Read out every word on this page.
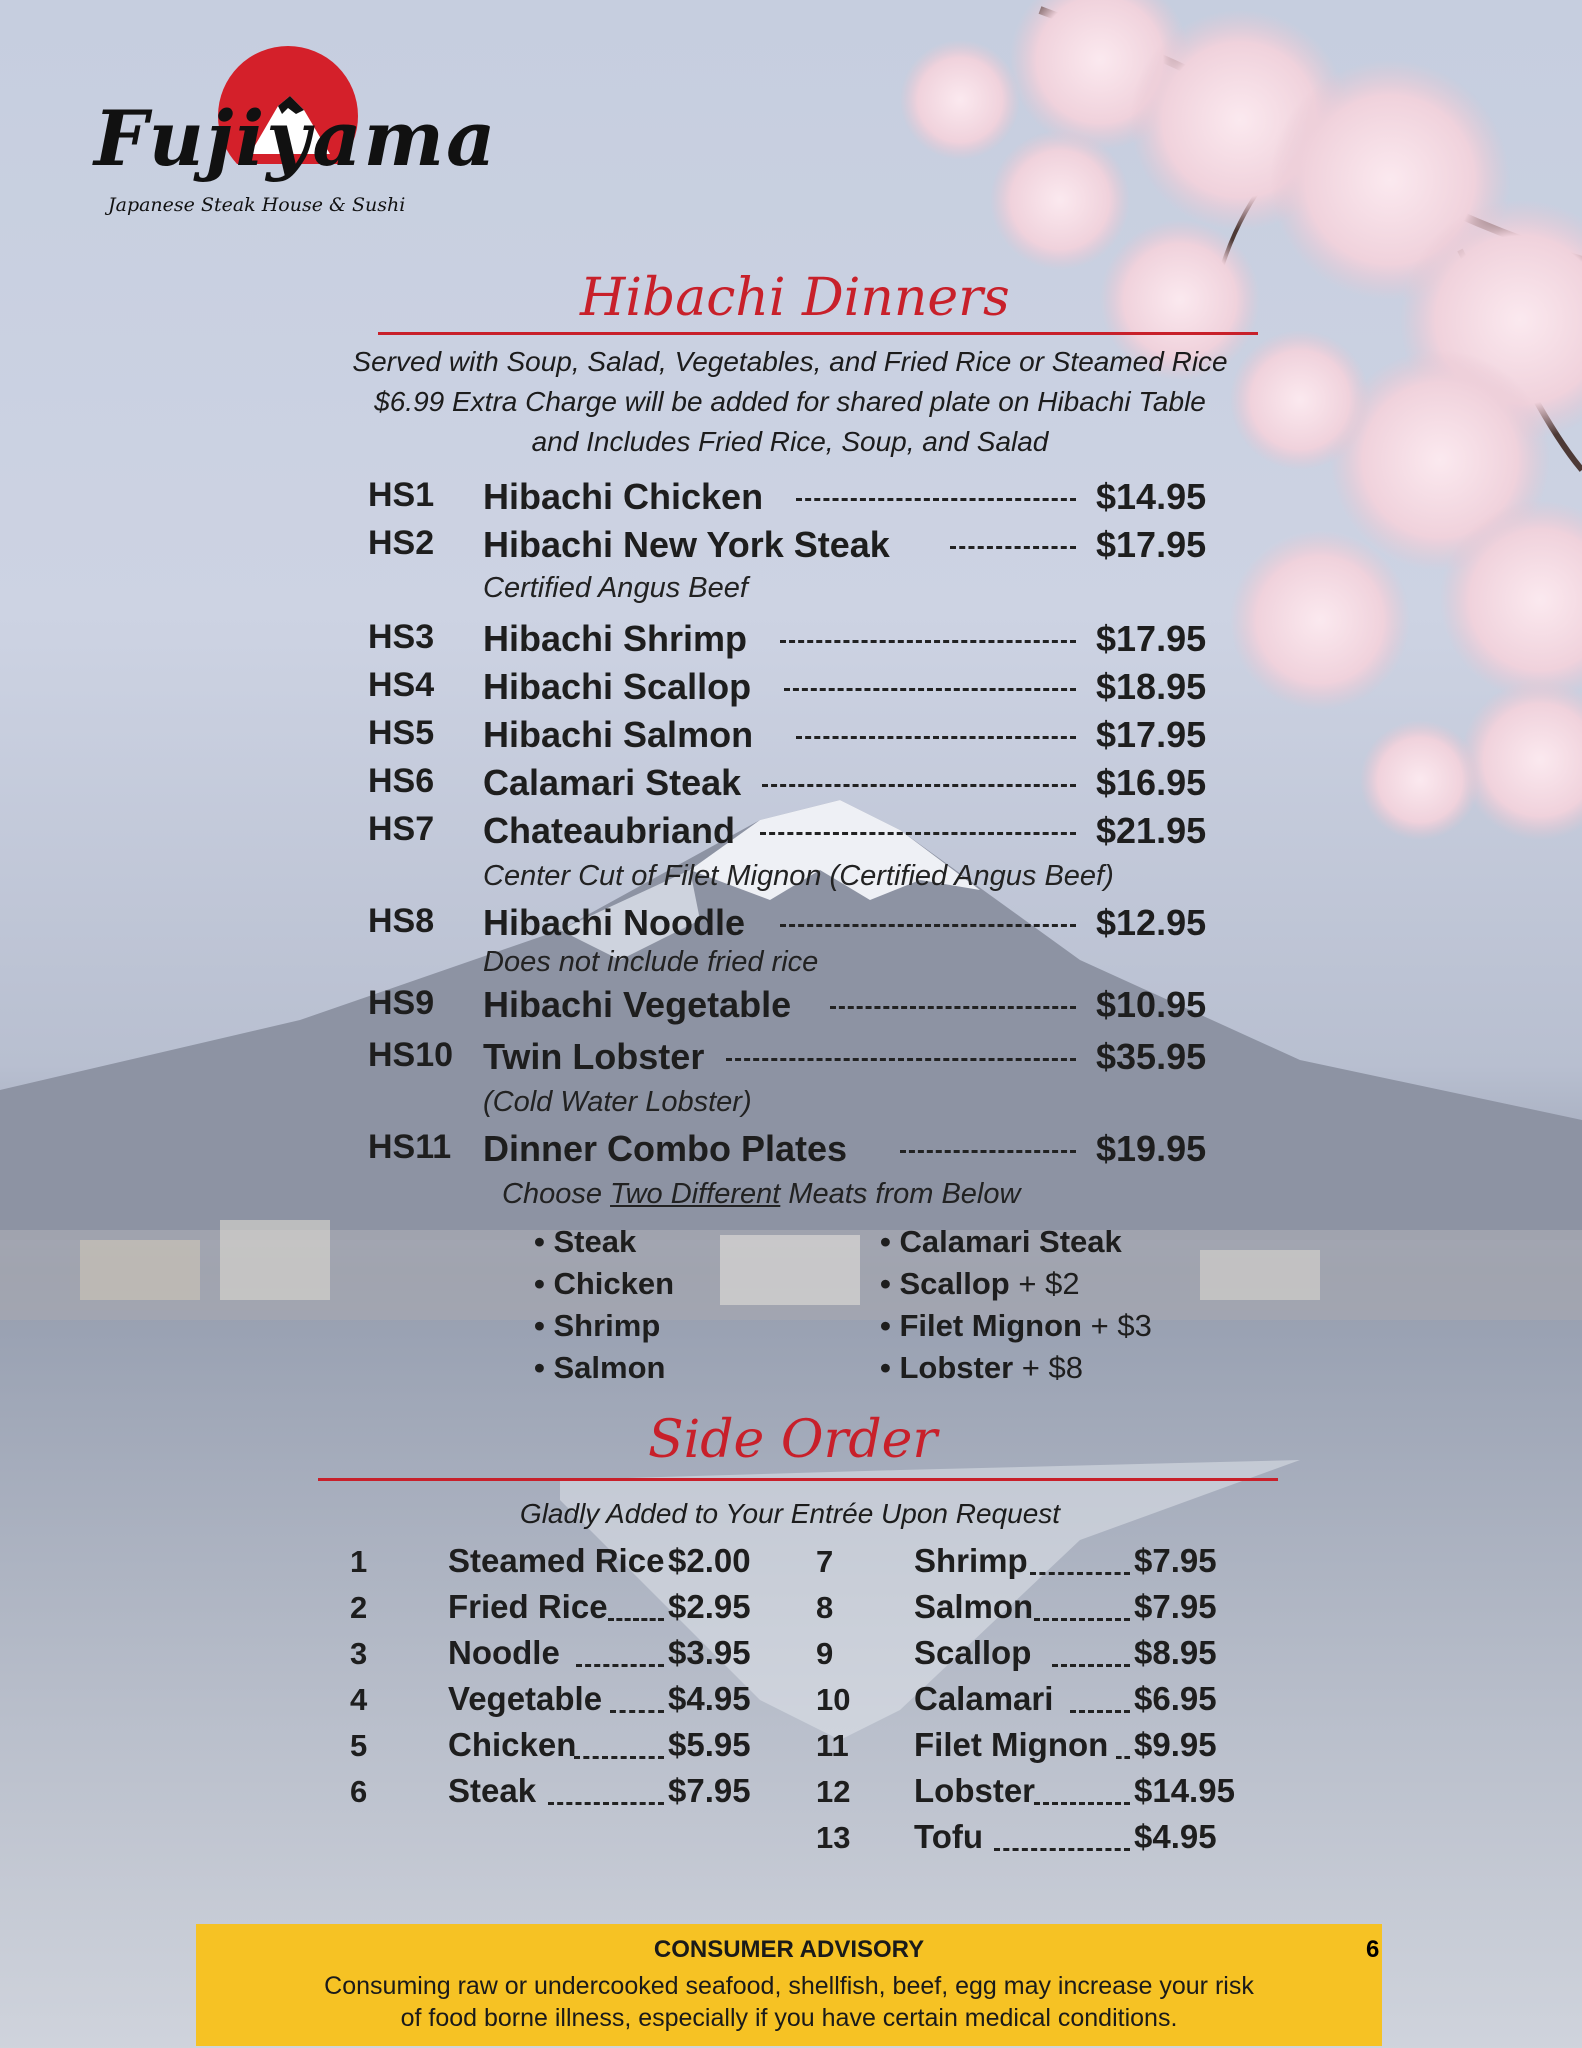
Fujiyama
Japanese Steak House & Sushi
Hibachi Dinners
Served with Soup, Salad, Vegetables, and Fried Rice or Steamed Rice
$6.99 Extra Charge will be added for shared plate on Hibachi Table
and Includes Fried Rice, Soup, and Salad
HS1 Hibachi Chicken	$14.95
HS2 Hibachi New York Steak	$17.95
Certified Angus Beef
HS3 Hibachi Shrimp	$17.95
HS4 Hibachi Scallop	$18.95
HS5 Hibachi Salmon	$17.95
HS6 Calamari Steak	$16.95
HS7 Chateaubriand	$21.95
Center Cut of Filet Mignon (Certified Angus Beef)
HS8 Hibachi Noodle	$12.95
Does not include fried rice
HS9 Hibachi Vegetable	$10.95
HS10 Twin Lobster	$35.95
(Cold Water Lobster)
HS11 Dinner Combo Plates	$19.95
Choose Two Different Meats from Below
• Steak
• Chicken
• Shrimp
• Salmon
• Calamari Steak
• Scallop + $2
• Filet Mignon + $3
• Lobster + $8
Side Order
Gladly Added to Your Entrée Upon Request
1 Steamed Rice $2.00
2 Fried Rice $2.95
3 Noodle	$3.95
4 Vegetable $4.95
5 Chicken	$5.95
6 Steak	$7.95
7 Shrimp	$7.95
8 Salmon	$7.95
9 Scallop	$8.95
10 Calamari $6.95
11 Filet Mignon $9.95
12 Lobster	$14.95
13 Tofu	$4.95
CONSUMER ADVISORY
Consuming raw or undercooked seafood, shellfish, beef, egg may increase your risk
of food borne illness, especially if you have certain medical conditions.
6
